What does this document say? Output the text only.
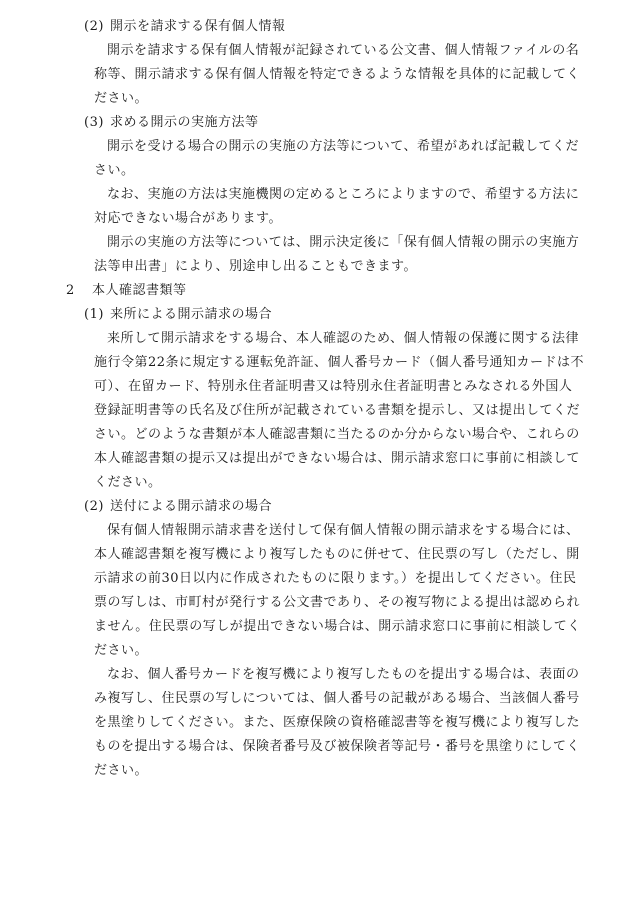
(2) 開示を請求する保有個人情報
開示を請求する保有個人情報が記録されている公文書、個人情報ファイルの名
称等、開示請求する保有個人情報を特定できるような情報を具体的に記載してく
ださい。
(3) 求める開示の実施方法等
開示を受ける場合の開示の実施の方法等について、希望があれば記載してくだ
さい。
なお、実施の方法は実施機関の定めるところによりますので、希望する方法に
対応できない場合があります。
開示の実施の方法等については、開示決定後に「保有個人情報の開示の実施方
法等申出書」により、別途申し出ることもできます。
2 本人確認書類等
(1) 来所による開示請求の場合
来所して開示請求をする場合、本人確認のため、個人情報の保護に関する法律
施行令第22条に規定する運転免許証、個人番号カード（個人番号通知カードは不
可）、在留カード、特別永住者証明書又は特別永住者証明書とみなされる外国人
登録証明書等の氏名及び住所が記載されている書類を提示し、又は提出してくだ
さい。どのような書類が本人確認書類に当たるのか分からない場合や、これらの
本人確認書類の提示又は提出ができない場合は、開示請求窓口に事前に相談して
ください。
(2) 送付による開示請求の場合
保有個人情報開示請求書を送付して保有個人情報の開示請求をする場合には、
本人確認書類を複写機により複写したものに併せて、住民票の写し（ただし、開
示請求の前30日以内に作成されたものに限ります。）を提出してください。住民
票の写しは、市町村が発行する公文書であり、その複写物による提出は認められ
ません。住民票の写しが提出できない場合は、開示請求窓口に事前に相談してく
ださい。
なお、個人番号カードを複写機により複写したものを提出する場合は、表面の
み複写し、住民票の写しについては、個人番号の記載がある場合、当該個人番号
を黒塗りしてください。また、医療保険の資格確認書等を複写機により複写した
ものを提出する場合は、保険者番号及び被保険者等記号・番号を黒塗りにしてく
ださい。
